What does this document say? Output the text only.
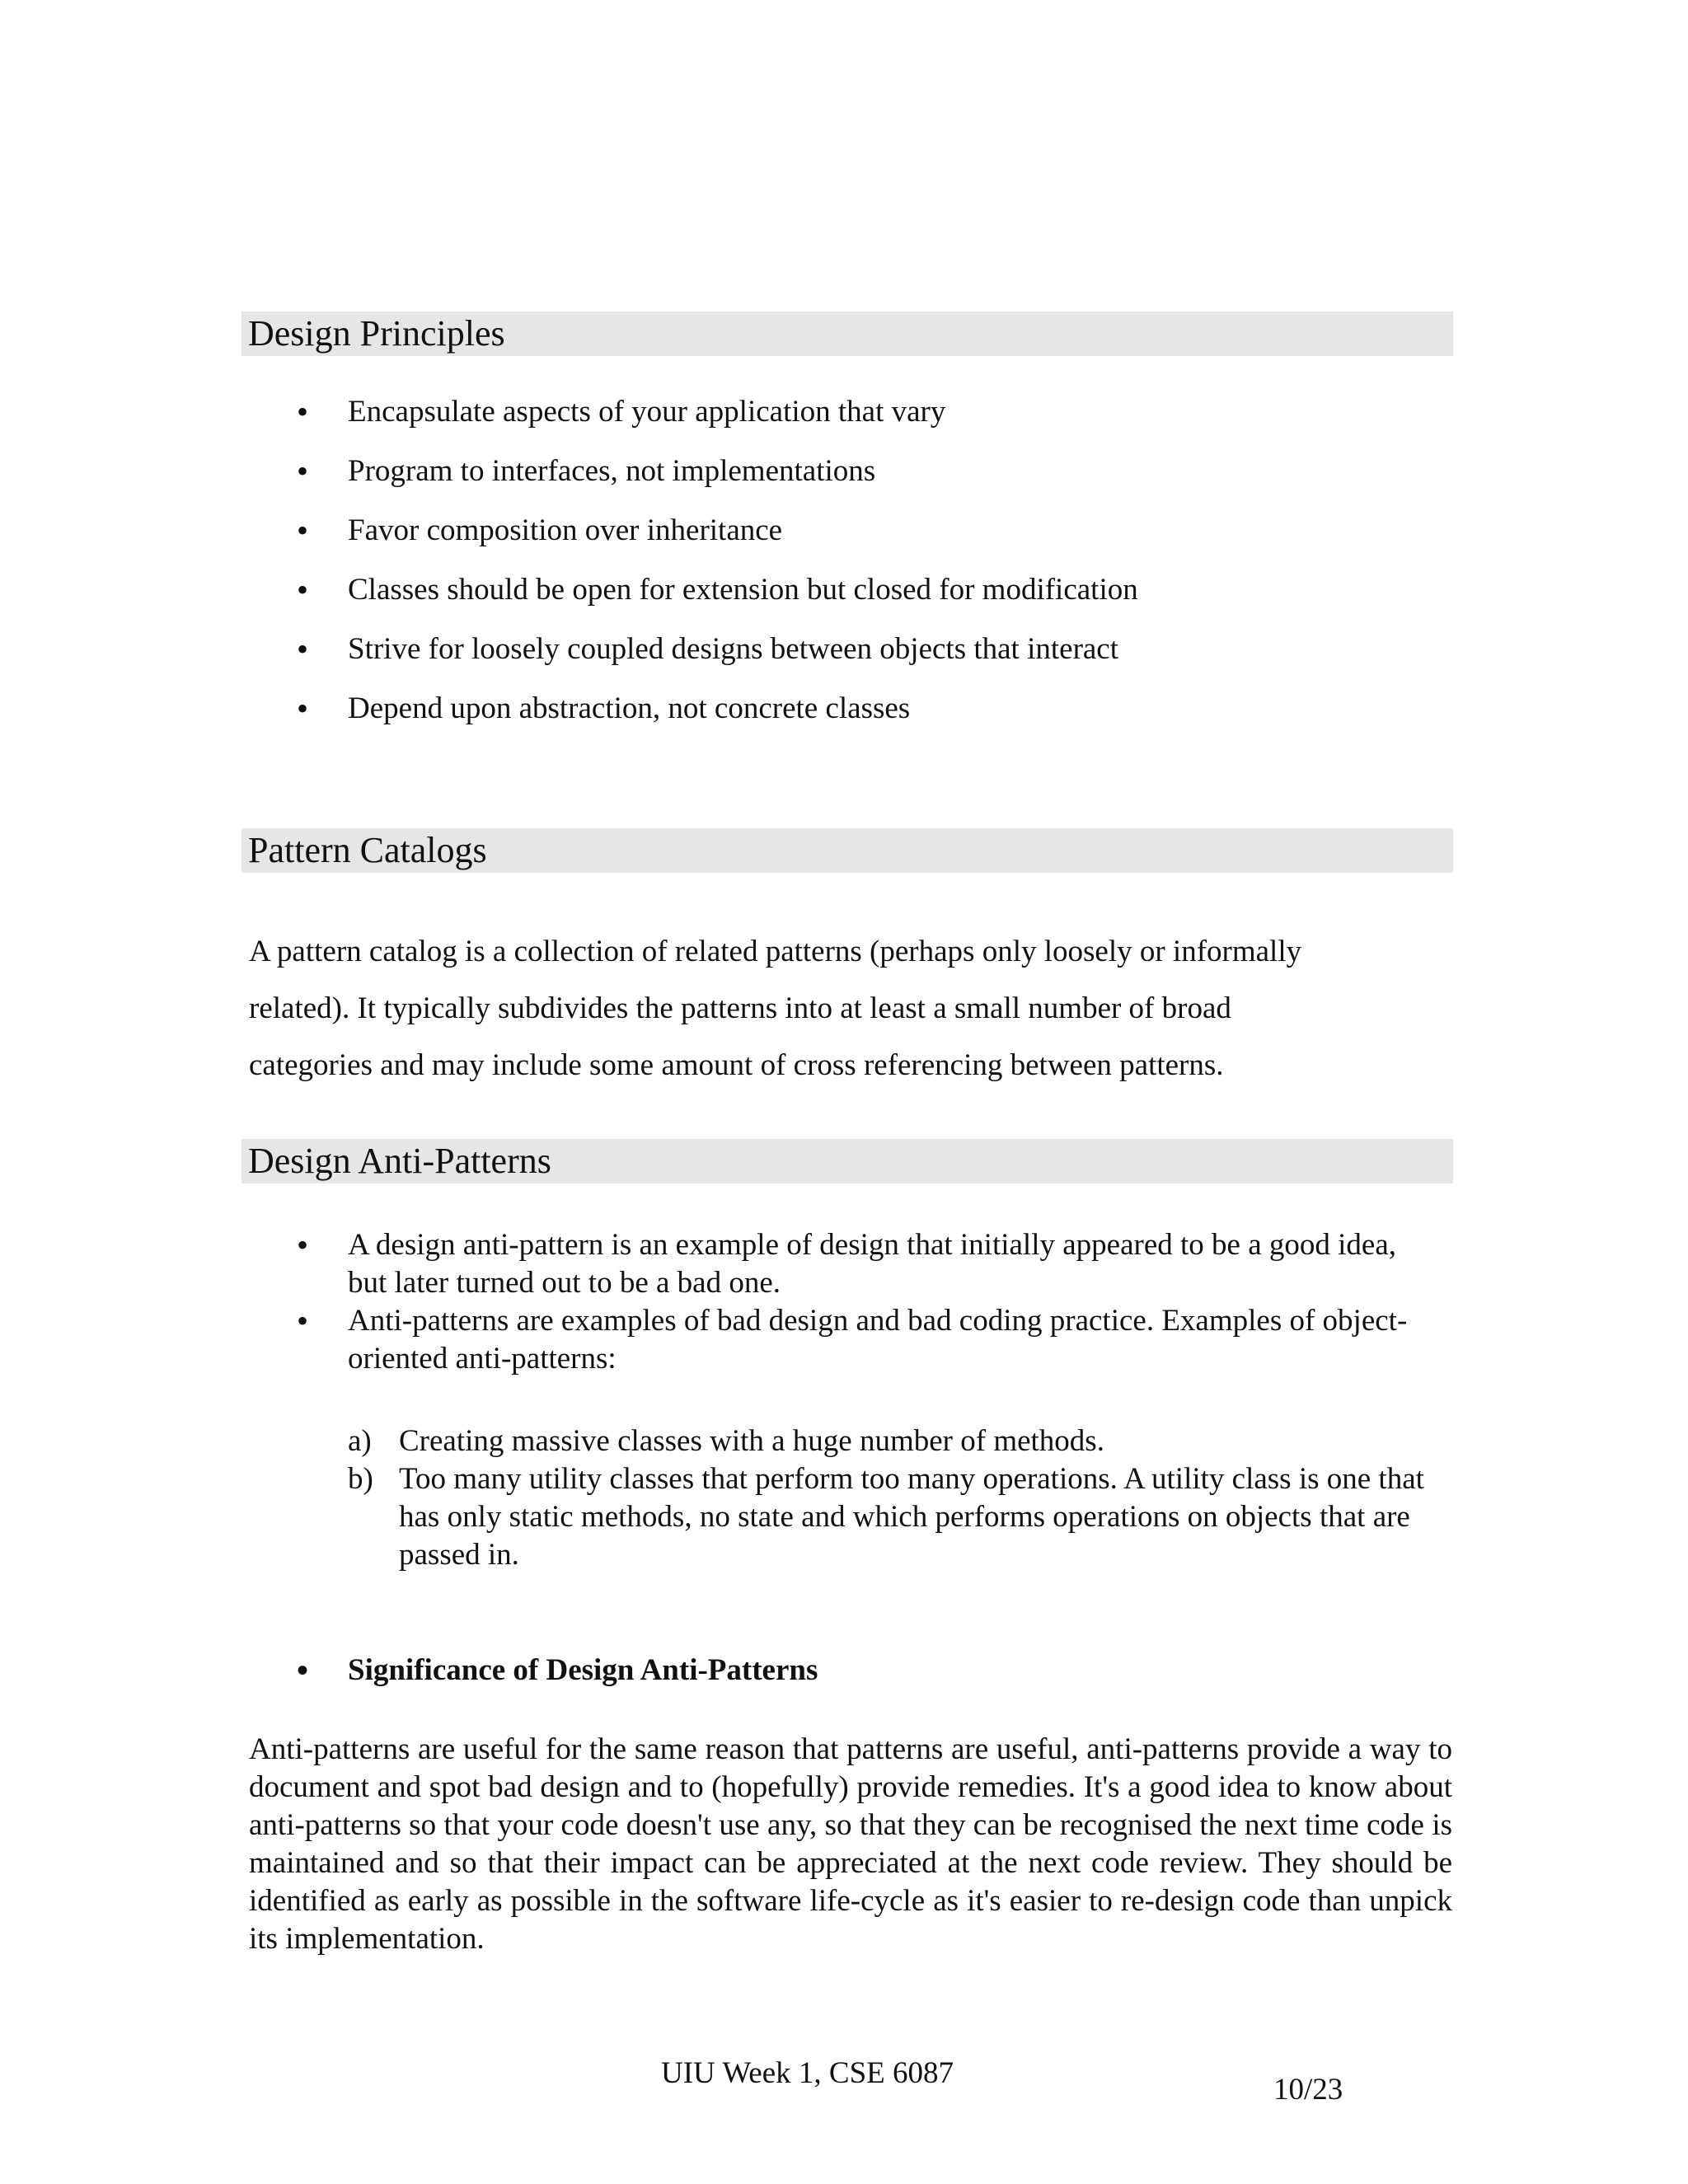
Design Principles
• Encapsulate aspects of your application that vary
• Program to interfaces, not implementations
• Favor composition over inheritance
• Classes should be open for extension but closed for modification
• Strive for loosely coupled designs between objects that interact
• Depend upon abstraction, not concrete classes
Pattern Catalogs
A pattern catalog is a collection of related patterns (perhaps only loosely or informally
related). It typically subdivides the patterns into at least a small number of broad
categories and may include some amount of cross referencing between patterns.
Design Anti-Patterns
• A design anti-pattern is an example of design that initially appeared to be a good idea, but later turned out to be a bad one.
• Anti-patterns are examples of bad design and bad coding practice. Examples of object-oriented anti-patterns:
a) Creating massive classes with a huge number of methods.
b) Too many utility classes that perform too many operations. A utility class is one that has only static methods, no state and which performs operations on objects that are passed in.
• Significance of Design Anti-Patterns

Anti-patterns are useful for the same reason that patterns are useful, anti-patterns provide a way to document and spot bad design and to (hopefully) provide remedies. It's a good idea to know about anti-patterns so that your code doesn't use any, so that they can be recognised the next time code is maintained and so that their impact can be appreciated at the next code review. They should be identified as early as possible in the software life-cycle as it's easier to re-design code than unpick its implementation.

UIU Week 1, CSE 6087	10/23
